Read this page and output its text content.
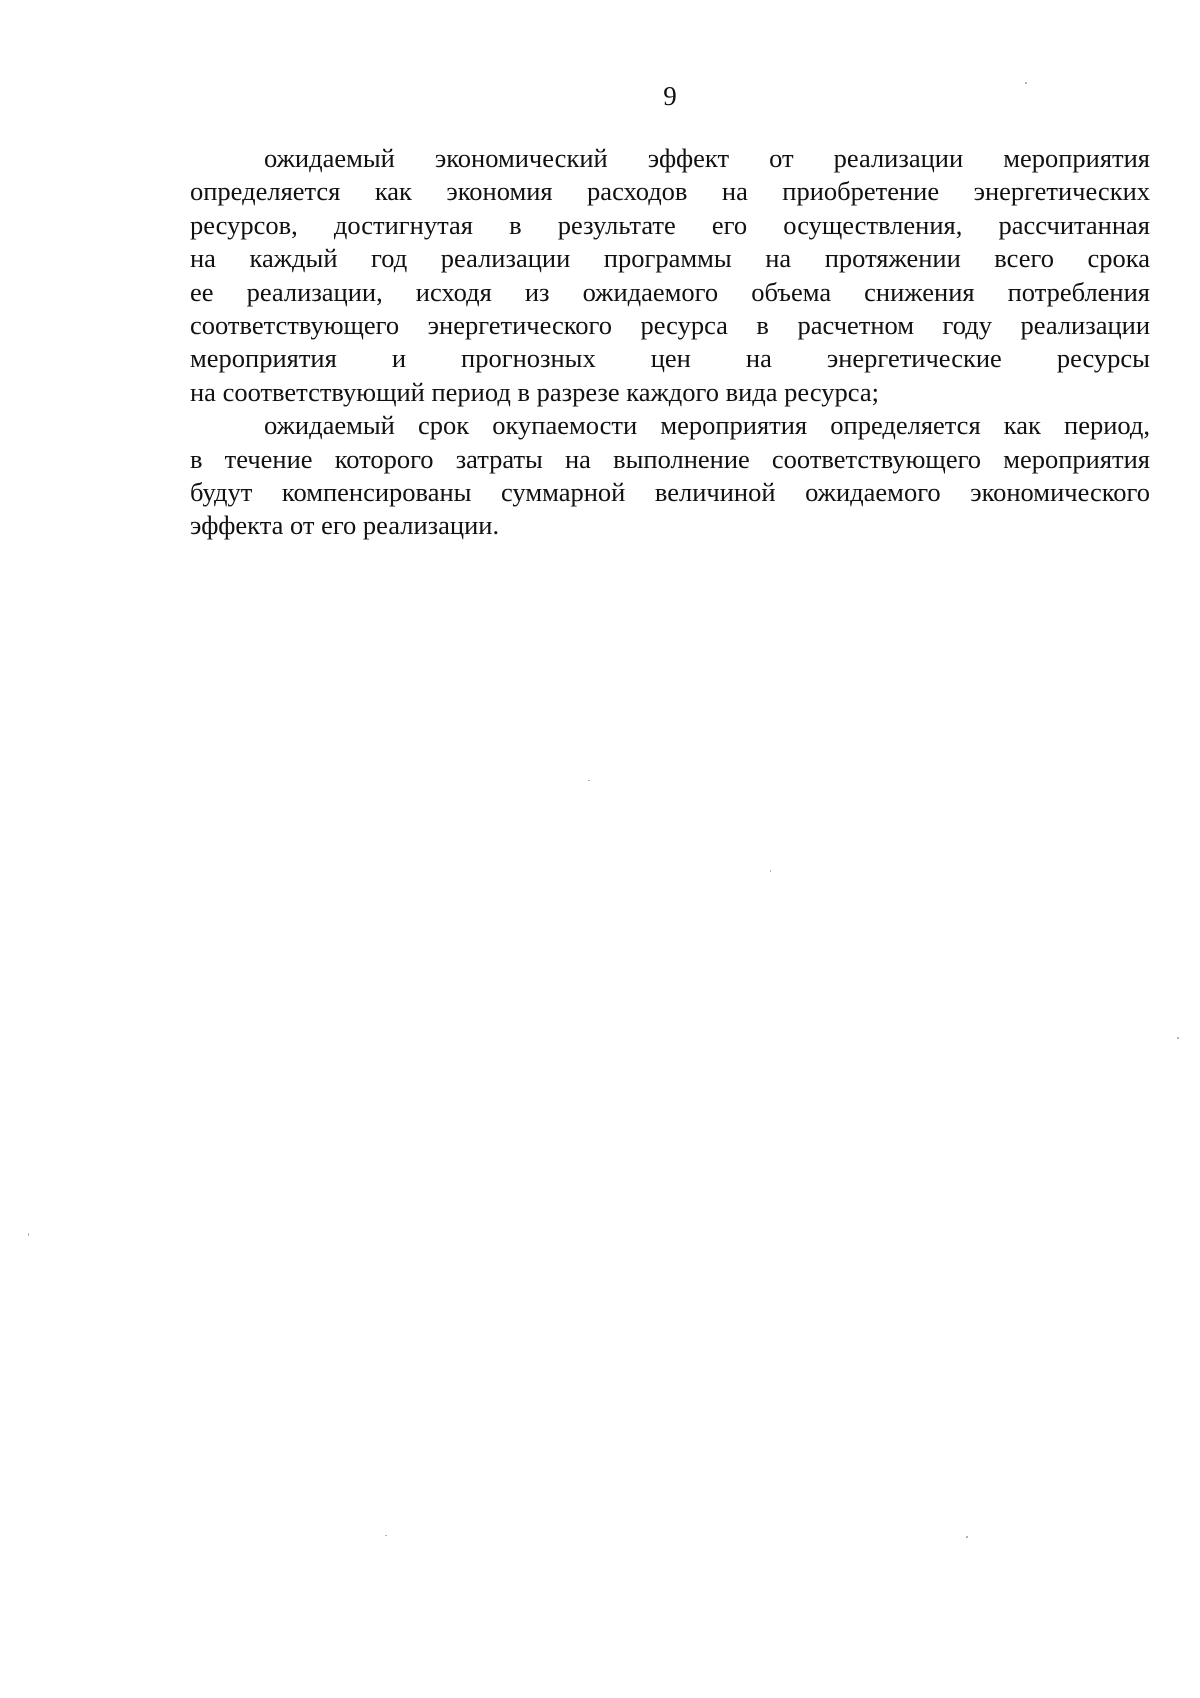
9

ожидаемый экономический эффект от реализации мероприятия
определяется как экономия расходов на приобретение энергетических
ресурсов, достигнутая в результате его осуществления, рассчитанная
на каждый год реализации программы на протяжении всего срока
ее реализации, исходя из ожидаемого объема снижения потребления
соответствующего энергетического ресурса в расчетном году реализации
мероприятия и прогнозных цен на энергетические ресурсы
на соответствующий период в разрезе каждого вида ресурса;

ожидаемый срок окупаемости мероприятия определяется как период,
в течение которого затраты на выполнение соответствующего мероприятия
будут компенсированы суммарной величиной ожидаемого экономического
эффекта от его реализации.
